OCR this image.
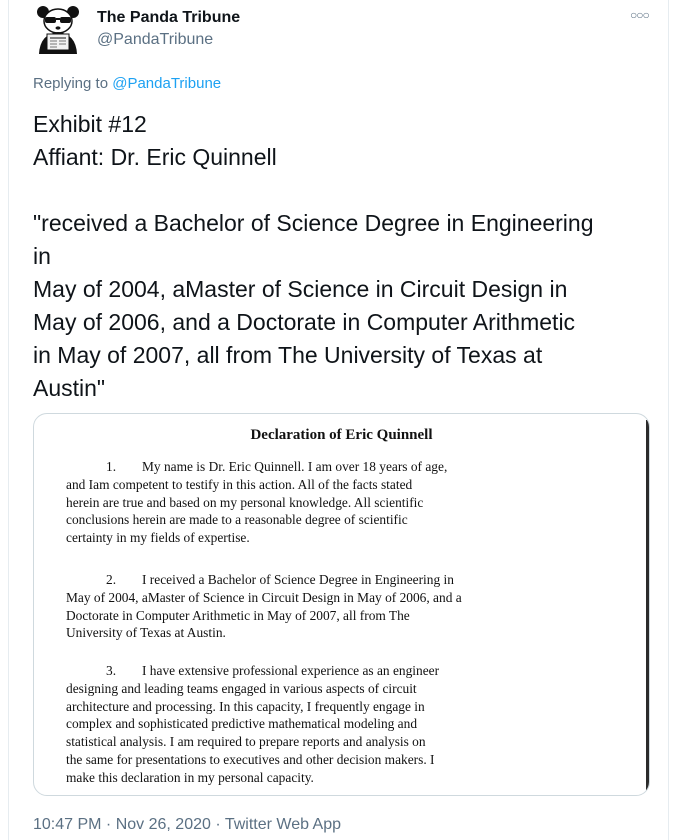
The Panda Tribune
@PandaTribune
○○○
Replying to @PandaTribune

Exhibit #12

Affiant: Dr. Eric Quinnell

"received a Bachelor of Science Degree in Engineering

in

May of 2004, aMaster of Science in Circuit Design in

May of 2006, and a Doctorate in Computer Arithmetic

in May of 2007, all from The University of Texas at

Austin"

Declaration of Eric Quinnell
1. My name is Dr. Eric Quinnell. I am over 18 years of age,
and Iam competent to testify in this action. All of the facts stated
herein are true and based on my personal knowledge. All scientific
conclusions herein are made to a reasonable degree of scientific
certainty in my fields of expertise.
2. I received a Bachelor of Science Degree in Engineering in
May of 2004, aMaster of Science in Circuit Design in May of 2006, and a
Doctorate in Computer Arithmetic in May of 2007, all from The
University of Texas at Austin.
3. I have extensive professional experience as an engineer
designing and leading teams engaged in various aspects of circuit
architecture and processing. In this capacity, I frequently engage in
complex and sophisticated predictive mathematical modeling and
statistical analysis. I am required to prepare reports and analysis on
the same for presentations to executives and other decision makers. I
make this declaration in my personal capacity.
10:47 PM · Nov 26, 2020 · Twitter Web App
